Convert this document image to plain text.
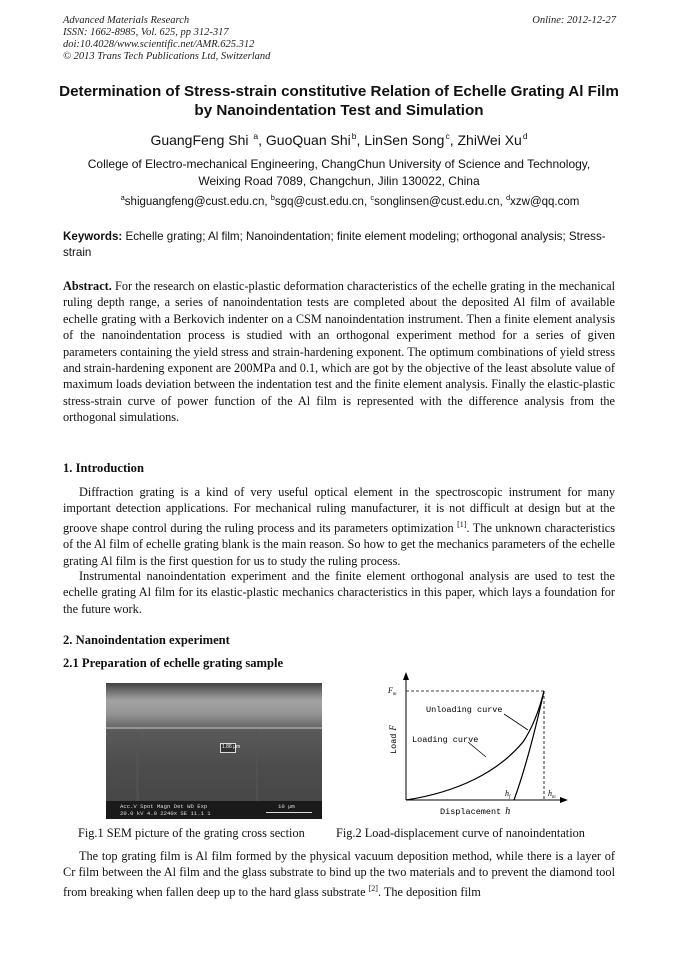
Advanced Materials Research
ISSN: 1662-8985, Vol. 625, pp 312-317
doi:10.4028/www.scientific.net/AMR.625.312
© 2013 Trans Tech Publications Ltd, Switzerland
Online: 2012-12-27
Determination of Stress-strain constitutive Relation of Echelle Grating Al Film by Nanoindentation Test and Simulation
GuangFeng Shi $^a$, GuoQuan Shi$^b$, LinSen Song$^c$, ZhiWei Xu$^d$
College of Electro-mechanical Engineering, ChangChun University of Science and Technology,
Weixing Road 7089, Changchun, Jilin 130022, China
$^a$shiguangfeng@cust.edu.cn, $^b$sgq@cust.edu.cn, $^c$songlinsen@cust.edu.cn, $^d$xzw@qq.com
Keywords: Echelle grating; Al film; Nanoindentation; finite element modeling; orthogonal analysis; Stress-strain

Abstract. For the research on elastic-plastic deformation characteristics of the echelle grating in the mechanical ruling depth range, a series of nanoindentation tests are completed about the deposited Al film of available echelle grating with a Berkovich indenter on a CSM nanoindentation instrument. Then a finite element analysis of the nanoindentation process is studied with an orthogonal experiment method for a series of given parameters containing the yield stress and strain-hardening exponent. The optimum combinations of yield stress and strain-hardening exponent are 200MPa and 0.1, which are got by the objective of the least absolute value of maximum loads deviation between the indentation test and the finite element analysis. Finally the elastic-plastic stress-strain curve of power function of the Al film is represented with the difference analysis from the orthogonal simulations.

1. Introduction

Diffraction grating is a kind of very useful optical element in the spectroscopic instrument for many important detection applications. For mechanical ruling manufacturer, it is not difficult at design but at the groove shape control during the ruling process and its parameters optimization [1]. The unknown characteristics of the Al film of echelle grating blank is the main reason. So how to get the mechanics parameters of the echelle grating Al film is the first question for us to study the ruling process.

Instrumental nanoindentation experiment and the finite element orthogonal analysis are used to test the echelle grating Al film for its elastic-plastic mechanics characteristics in this paper, which lays a foundation for the future work.

2. Nanoindentation experiment
2.1 Preparation of echelle grating sample
1.86 µm
Acc.V Spot Magn Det WD Exp
20.0 kV 4.0 2240x SE 11.1 1
10 µm
Unloading curve
Loading curve
$F_m$
$h_f$	$h_m$
Displacement h
LoadF
Fig.1 SEM picture of the grating cross section	Fig.2 Load-displacement curve of nanoindentation

The top grating film is Al film formed by the physical vacuum deposition method, while there is a layer of Cr film between the Al film and the glass substrate to bind up the two materials and to prevent the diamond tool from breaking when fallen deep up to the hard glass substrate [2]. The deposition film
